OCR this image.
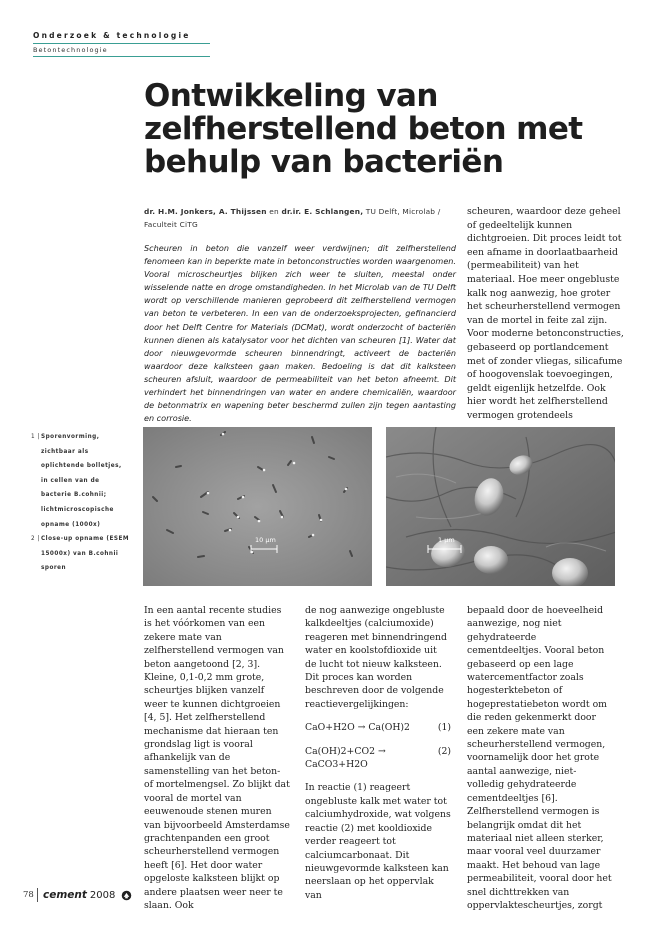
Onderzoek & technologie
Betontechnologie
Ontwikkeling van zelfherstellend beton met behulp van bacteriën
dr. H.M. Jonkers, A. Thijssen en dr.ir. E. Schlangen, TU Delft, Microlab / Faculteit CiTG

Scheuren in beton die vanzelf weer verdwijnen; dit zelfherstellend fenomeen kan in beperkte mate in betonconstructies worden waargenomen. Vooral microscheurtjes blijken zich weer te sluiten, meestal onder wisselende natte en droge omstandigheden. In het Microlab van de TU Delft wordt op verschillende manieren geprobeerd dit zelfherstellend vermogen van beton te verbeteren. In een van de onderzoeksprojecten, gefinancierd door het Delft Centre for Materials (DCMat), wordt onderzocht of bacteriën kunnen dienen als katalysator voor het dichten van scheuren [1]. Water dat door nieuwgevormde scheuren binnendringt, activeert de bacteriën waardoor deze kalksteen gaan maken. Bedoeling is dat dit kalksteen scheuren afsluit, waardoor de permeabiliteit van het beton afneemt. Dit verhindert het binnendringen van water en andere chemicaliën, waardoor de betonmatrix en wapening beter beschermd zullen zijn tegen aantasting en corrosie.

scheuren, waardoor deze geheel of gedeeltelijk kunnen dichtgroeien. Dit proces leidt tot een afname in doorlaatbaarheid (permeabiliteit) van het materiaal. Hoe meer ongebluste kalk nog aanwezig, hoe groter het scheurherstellend vermogen van de mortel in feite zal zijn. Voor moderne betonconstructies, gebaseerd op portlandcement met of zonder vliegas, silicafume of hoogovenslak toevoegingen, geldt eigenlijk hetzelfde. Ook hier wordt het zelfherstellend vermogen grotendeels

1 | Sporenvorming, zichtbaar als oplichtende bolletjes, in cellen van de bacterie B.cohnii; lichtmicroscopische opname (1000x)
2 | Close-up opname (ESEM 15000x) van B.cohnii sporen
10 µm	1 µm

In een aantal recente studies is het vóórkomen van een zekere mate van zelfherstellend vermogen van beton aangetoond [2, 3]. Kleine, 0,1-0,2 mm grote, scheurtjes blijken vanzelf weer te kunnen dichtgroeien [4, 5]. Het zelfherstellend mechanisme dat hieraan ten grondslag ligt is vooral afhankelijk van de samenstelling van het beton- of mortelmengsel. Zo blijkt dat vooral de mortel van eeuwenoude stenen muren van bijvoorbeeld Amsterdamse grachtenpanden een groot scheurherstellend vermogen heeft [6]. Het door water opgeloste kalksteen blijkt op andere plaatsen weer neer te slaan. Ook

de nog aanwezige ongebluste kalkdeeltjes (calciumoxide) reageren met binnendringend water en koolstofdioxide uit de lucht tot nieuw kalksteen. Dit proces kan worden beschreven door de volgende reactievergelijkingen:

CaO+H2O → Ca(OH)2	(1)
Ca(OH)2+CO2 → CaCO3+H2O
(2)

In reactie (1) reageert ongebluste kalk met water tot calciumhydroxide, wat volgens reactie (2) met kooldioxide verder reageert tot calciumcarbonaat. Dit nieuwgevormde kalksteen kan neerslaan op het oppervlak van

bepaald door de hoeveelheid aanwezige, nog niet gehydrateerde cementdeeltjes. Vooral beton gebaseerd op een lage watercementfactor zoals hogesterktebeton of hogeprestatiebeton wordt om die reden gekenmerkt door een zekere mate van scheurherstellend vermogen, voornamelijk door het grote aantal aanwezige, niet-volledig gehydrateerde cementdeeltjes [6]. Zelfherstellend vermogen is belangrijk omdat dit het materiaal niet alleen sterker, maar vooral veel duurzamer maakt. Het behoud van lage permeabiliteit, vooral door het snel dichttrekken van oppervlaktescheurtjes, zorgt

78 cement 2008
